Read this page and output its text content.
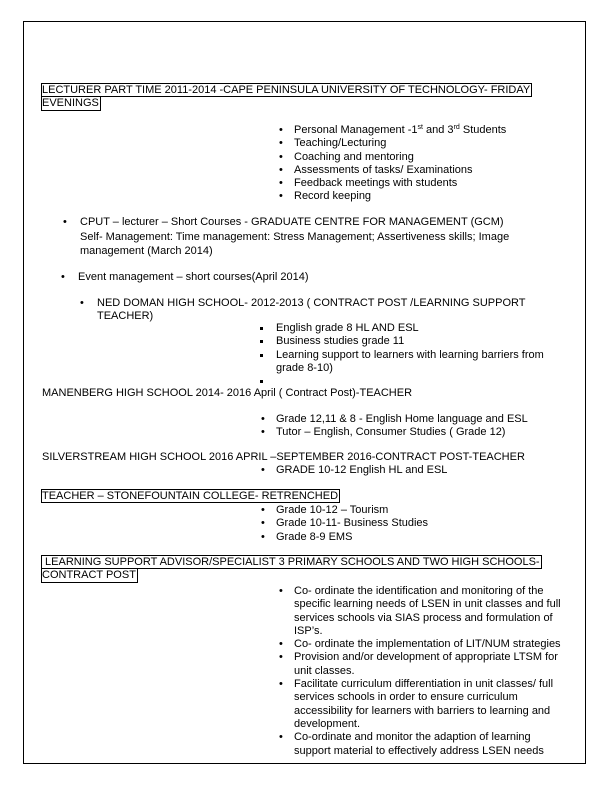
LECTURER PART TIME 2011-2014 -CAPE PENINSULA UNIVERSITY OF TECHNOLOGY- FRIDAY
EVENINGS
• Personal Management -1st and 3rd Students
• Teaching/Lecturing
• Coaching and mentoring
• Assessments of tasks/ Examinations
• Feedback meetings with students
• Record keeping
• CPUT – lecturer – Short Courses - GRADUATE CENTRE FOR MANAGEMENT (GCM)
Self- Management: Time management: Stress Management; Assertiveness skills; Image
management (March 2014)
• Event management – short courses(April 2014)
• NED DOMAN HIGH SCHOOL- 2012-2013 ( CONTRACT POST /LEARNING SUPPORT
TEACHER)
English grade 8 HL AND ESL
Business studies grade 11
Learning support to learners with learning barriers from
grade 8-10)
MANENBERG HIGH SCHOOL 2014- 2016 April ( Contract Post)-TEACHER
• Grade 12,11 & 8 - English Home language and ESL
• Tutor – English, Consumer Studies ( Grade 12)
SILVERSTREAM HIGH SCHOOL 2016 APRIL –SEPTEMBER 2016-CONTRACT POST-TEACHER
• GRADE 10-12 English HL and ESL
TEACHER – STONEFOUNTAIN COLLEGE- RETRENCHED
• Grade 10-12 – Tourism
• Grade 10-11- Business Studies
• Grade 8-9 EMS
LEARNING SUPPORT ADVISOR/SPECIALIST 3 PRIMARY SCHOOLS AND TWO HIGH SCHOOLS-
CONTRACT POST
• Co- ordinate the identification and monitoring of the
specific learning needs of LSEN in unit classes and full
services schools via SIAS process and formulation of
ISP’s.
• Co- ordinate the implementation of LIT/NUM strategies
• Provision and/or development of appropriate LTSM for
unit classes.
• Facilitate curriculum differentiation in unit classes/ full
services schools in order to ensure curriculum
accessibility for learners with barriers to learning and
development.
• Co-ordinate and monitor the adaption of learning
support material to effectively address LSEN needs
